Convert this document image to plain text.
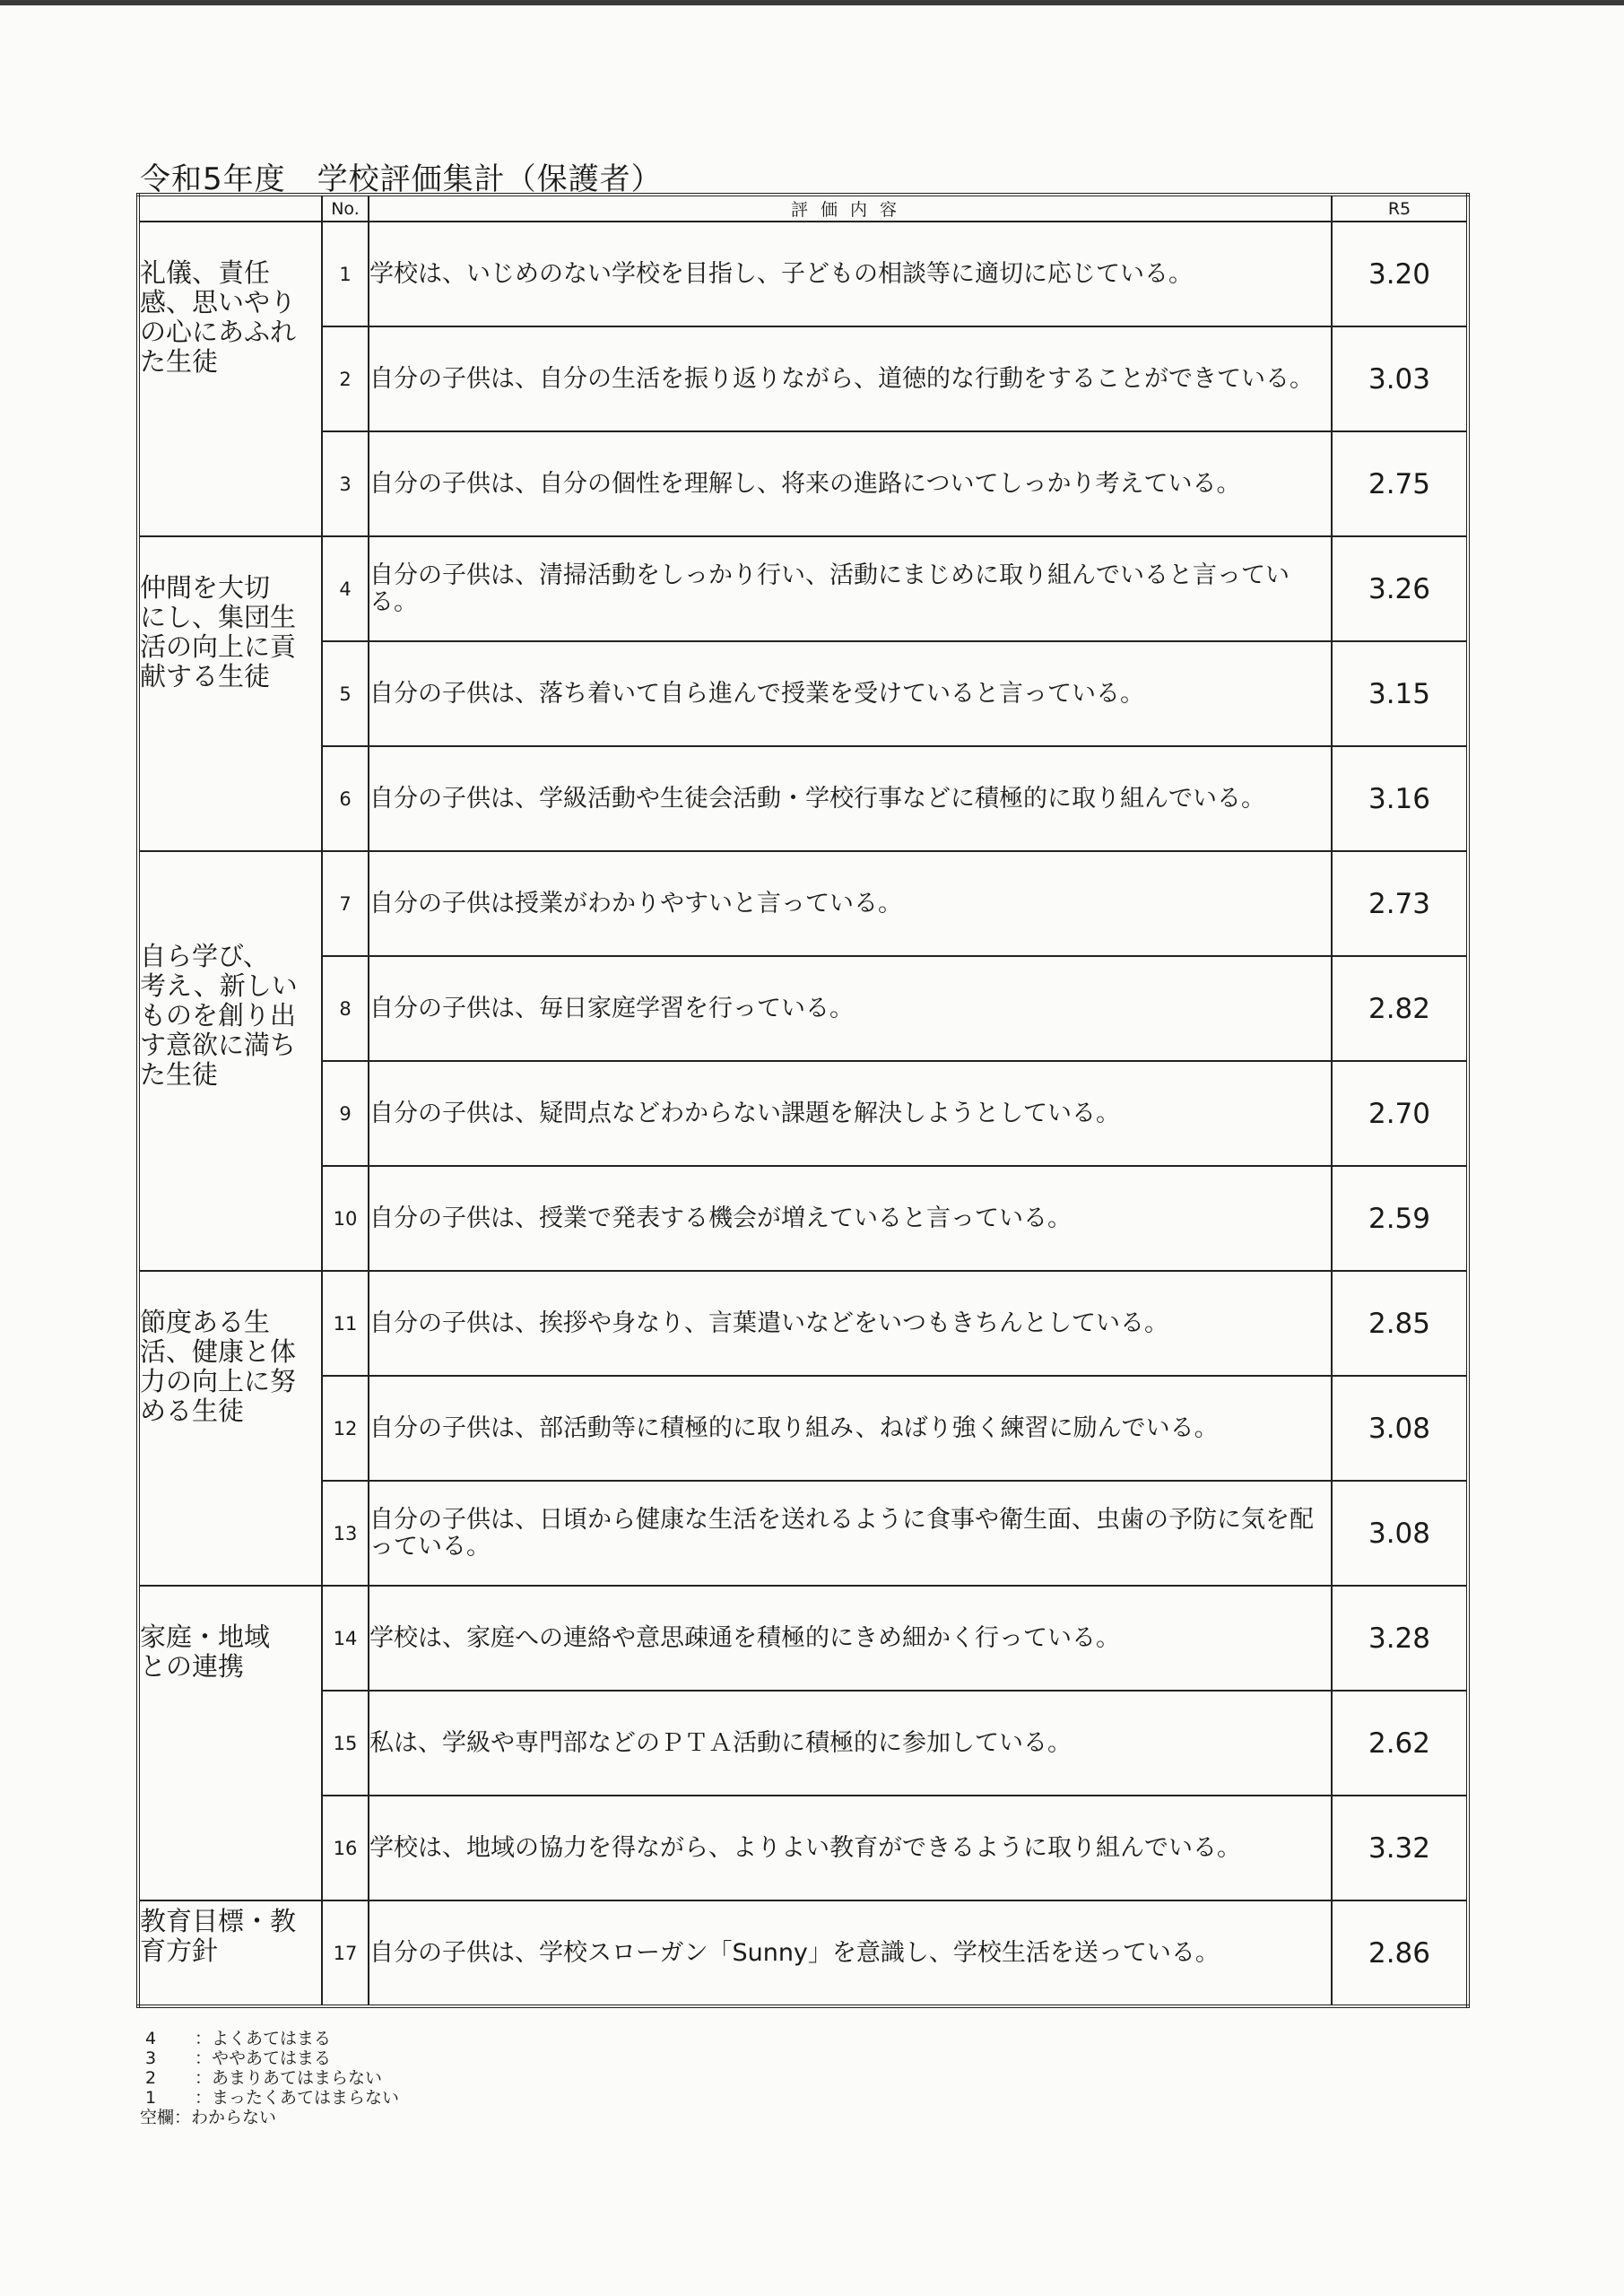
令和5年度　学校評価集計（保護者）
	No.	評価内容	R5

礼儀、責任
感、思いやり
の心にあふれ
た生徒	1	学校は、いじめのない学校を目指し、子どもの相談等に適切に応じている。	3.20
	2	自分の子供は、自分の生活を振り返りながら、道徳的な行動をすることができている。	3.03
	3	自分の子供は、自分の個性を理解し、将来の進路についてしっかり考えている。	2.75

仲間を大切
にし、集団生
活の向上に貢
献する生徒	4	自分の子供は、清掃活動をしっかり行い、活動にまじめに取り組んでいると言っている。	3.26
	5	自分の子供は、落ち着いて自ら進んで授業を受けていると言っている。	3.15
	6	自分の子供は、学級活動や生徒会活動・学校行事などに積極的に取り組んでいる。	3.16

自ら学び、
考え、新しい
ものを創り出
す意欲に満ち
た生徒	7	自分の子供は授業がわかりやすいと言っている。	2.73
	8	自分の子供は、毎日家庭学習を行っている。	2.82
	9	自分の子供は、疑問点などわからない課題を解決しようとしている。	2.70
	10	自分の子供は、授業で発表する機会が増えていると言っている。	2.59

節度ある生
活、健康と体
力の向上に努
める生徒	11	自分の子供は、挨拶や身なり、言葉遣いなどをいつもきちんとしている。	2.85
	12	自分の子供は、部活動等に積極的に取り組み、ねばり強く練習に励んでいる。	3.08
	13	自分の子供は、日頃から健康な生活を送れるように食事や衛生面、虫歯の予防に気を配っている。	3.08

家庭・地域
との連携	14	学校は、家庭への連絡や意思疎通を積極的にきめ細かく行っている。	3.28
	15	私は、学級や専門部などのＰＴＡ活動に積極的に参加している。	2.62
	16	学校は、地域の協力を得ながら、よりよい教育ができるように取り組んでいる。	3.32

教育目標・教
育方針	17	自分の子供は、学校スローガン「Sunny」を意識し、学校生活を送っている。	2.86
4 ：よくあてはまる
3 ：ややあてはまる
2 ：あまりあてはまらない
1 ：まったくあてはまらない
空欄：わからない
